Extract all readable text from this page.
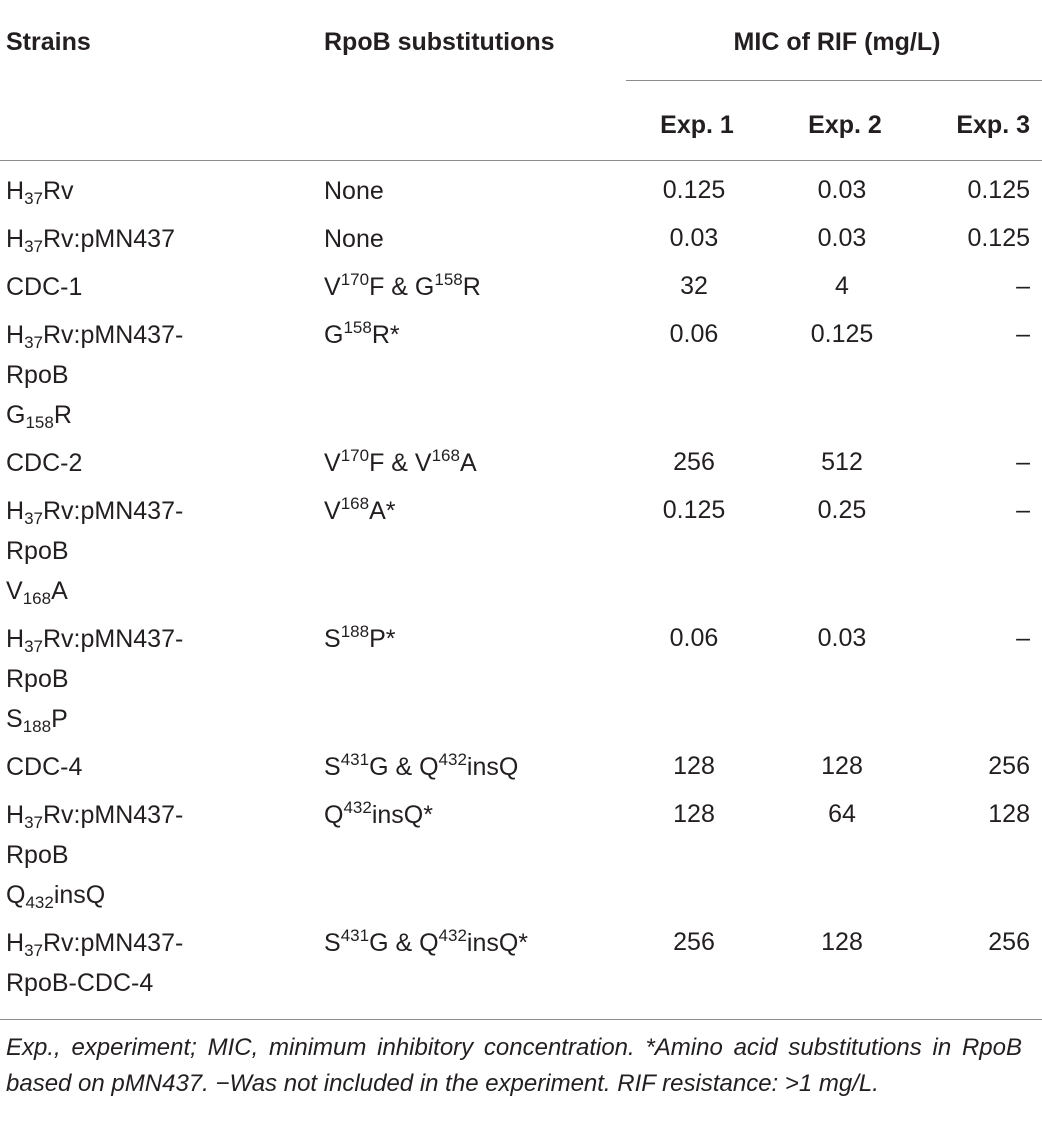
Strains	RpoB substitutions	MIC of RIF (mg/L)		
		Exp. 1	Exp. 2	Exp. 3

$H_{37}Rv$	None	0.125	0.03	0.125

$H_{37}Rv:pMN437$	None	0.03	0.03	0.125

CDC-1	$V^{170}F$ & $G^{158}R$	32	4	–

$H_{37}Rv:pMN437-$
RpoB
$G_{158}R$	$G^{158}R*$	0.06	0.125	–

CDC-2	$V^{170}F$ & $V^{168}A$	256	512	–

$H_{37}Rv:pMN437-$
RpoB
$V_{168}A$	$V^{168}A*$	0.125	0.25	–

$H_{37}Rv:pMN437-$
RpoB
$S_{188}P$	$S^{188}P*$	0.06	0.03	–

CDC-4	$S^{431}G$ & $Q^{432}insQ$	128	128	256

$H_{37}Rv:pMN437-$
RpoB
$Q_{432}insQ$	$Q^{432}insQ*$	128	64	128

$H_{37}Rv:pMN437-$
RpoB-CDC-4	$S^{431}G$ & $Q^{432}insQ*$	256	128	256
Exp., experiment; MIC, minimum inhibitory concentration. *Amino acid substitutions in RpoB based on pMN437. −Was not included in the experiment. RIF resistance: >1 mg/L.
